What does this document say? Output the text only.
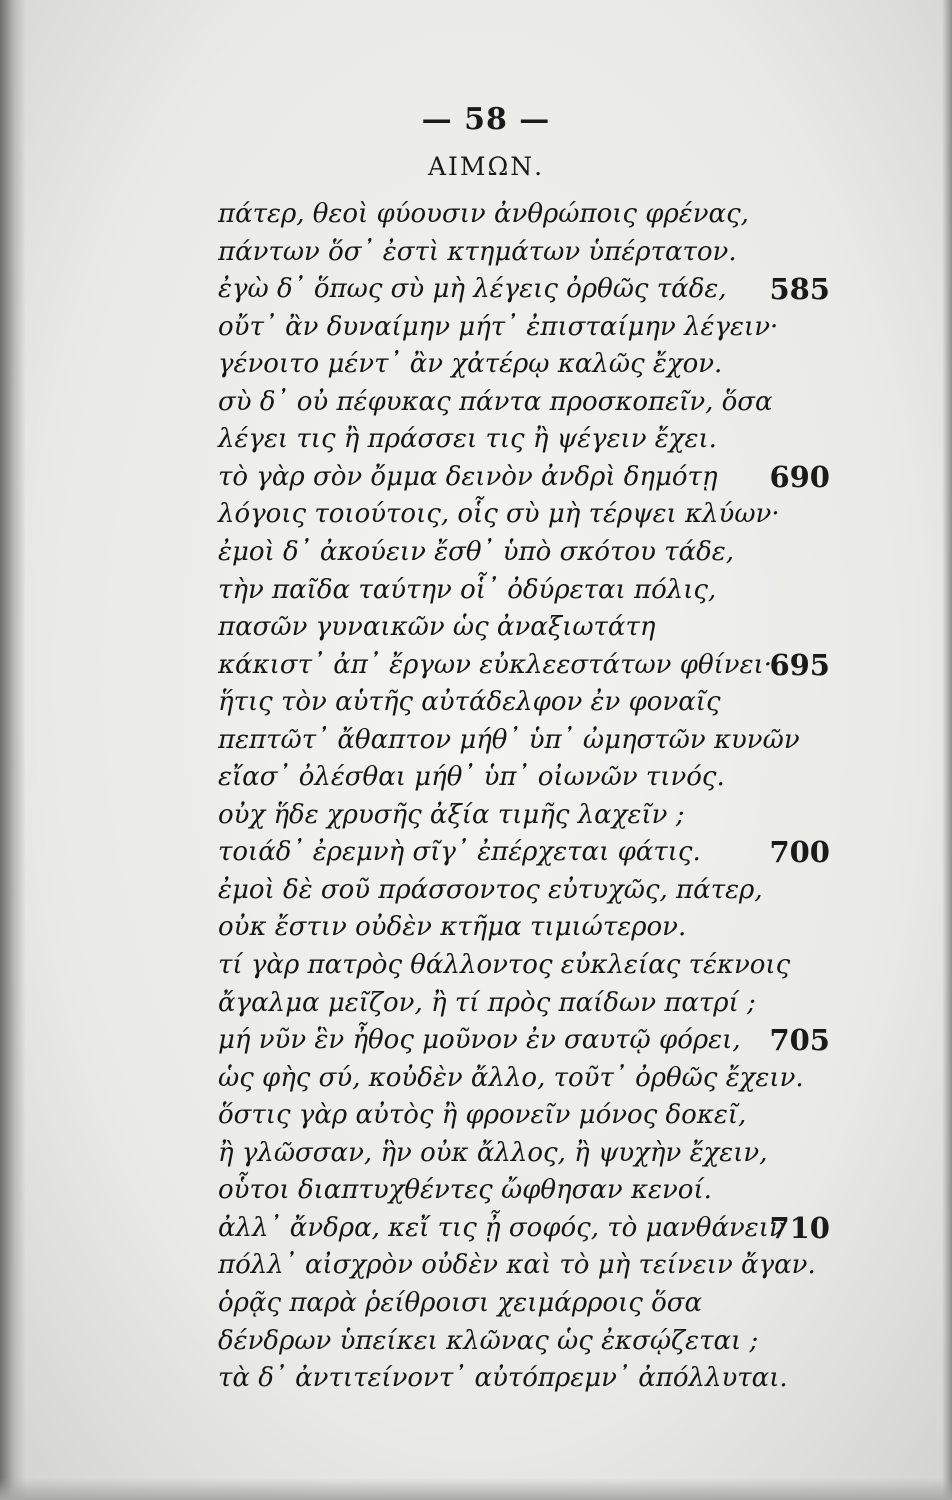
— 58 —
ΑΙΜΩΝ.
πάτερ, θεοὶ φύουσιν ἀνθρώποις φρένας,
πάντων ὅσ᾽ ἐστὶ κτημάτων ὑπέρτατον.
ἐγὼ δ᾽ ὅπως σὺ μὴ λέγεις ὀρθῶς τάδε, 585
οὔτ᾽ ἂν δυναίμην μήτ᾽ ἐπισταίμην λέγειν·
γένοιτο μέντ᾽ ἂν χἀτέρῳ καλῶς ἔχον.
σὺ δ᾽ οὐ πέφυκας πάντα προσκοπεῖν, ὅσα
λέγει τις ἢ πράσσει τις ἢ ψέγειν ἔχει.
τὸ γὰρ σὸν ὄμμα δεινὸν ἀνδρὶ δημότῃ 690
λόγοις τοιούτοις, οἷς σὺ μὴ τέρψει κλύων·
ἐμοὶ δ᾽ ἀκούειν ἔσθ᾽ ὑπὸ σκότου τάδε,
τὴν παῖδα ταύτην οἷ᾽ ὀδύρεται πόλις,
πασῶν γυναικῶν ὡς ἀναξιωτάτη
κάκιστ᾽ ἀπ᾽ ἔργων εὐκλεεστάτων φθίνει·
695
ἥτις τὸν αὑτῆς αὐτάδελφον ἐν φοναῖς
πεπτῶτ᾽ ἄθαπτον μήθ᾽ ὑπ᾽ ὠμηστῶν κυνῶν
εἴασ᾽ ὀλέσθαι μήθ᾽ ὑπ᾽ οἰωνῶν τινός.
οὐχ ἥδε χρυσῆς ἀξία τιμῆς λαχεῖν ;
τοιάδ᾽ ἐρεμνὴ σῖγ᾽ ἐπέρχεται φάτις. 700
ἐμοὶ δὲ σοῦ πράσσοντος εὐτυχῶς, πάτερ,
οὐκ ἔστιν οὐδὲν κτῆμα τιμιώτερον.
τί γὰρ πατρὸς θάλλοντος εὐκλείας τέκνοις
ἄγαλμα μεῖζον, ἢ τί πρὸς παίδων πατρί ;
μή νῦν ἓν ἦθος μοῦνον ἐν σαυτῷ φόρει, 705
ὡς φὴς σύ, κοὐδὲν ἄλλο, τοῦτ᾽ ὀρθῶς ἔχειν.
ὅστις γὰρ αὐτὸς ἢ φρονεῖν μόνος δοκεῖ,
ἢ γλῶσσαν, ἣν οὐκ ἄλλος, ἢ ψυχὴν ἔχειν,
οὗτοι διαπτυχθέντες ὤφθησαν κενοί.
ἀλλ᾽ ἄνδρα, κεἴ τις ᾖ σοφός, τὸ μανθάνειν
710
πόλλ᾽ αἰσχρὸν οὐδὲν καὶ τὸ μὴ τείνειν ἄγαν.
ὁρᾷς παρὰ ῥείθροισι χειμάρροις ὅσα
δένδρων ὑπείκει κλῶνας ὡς ἐκσῴζεται ;
τὰ δ᾽ ἀντιτείνοντ᾽ αὐτόπρεμν᾽ ἀπόλλυται.
